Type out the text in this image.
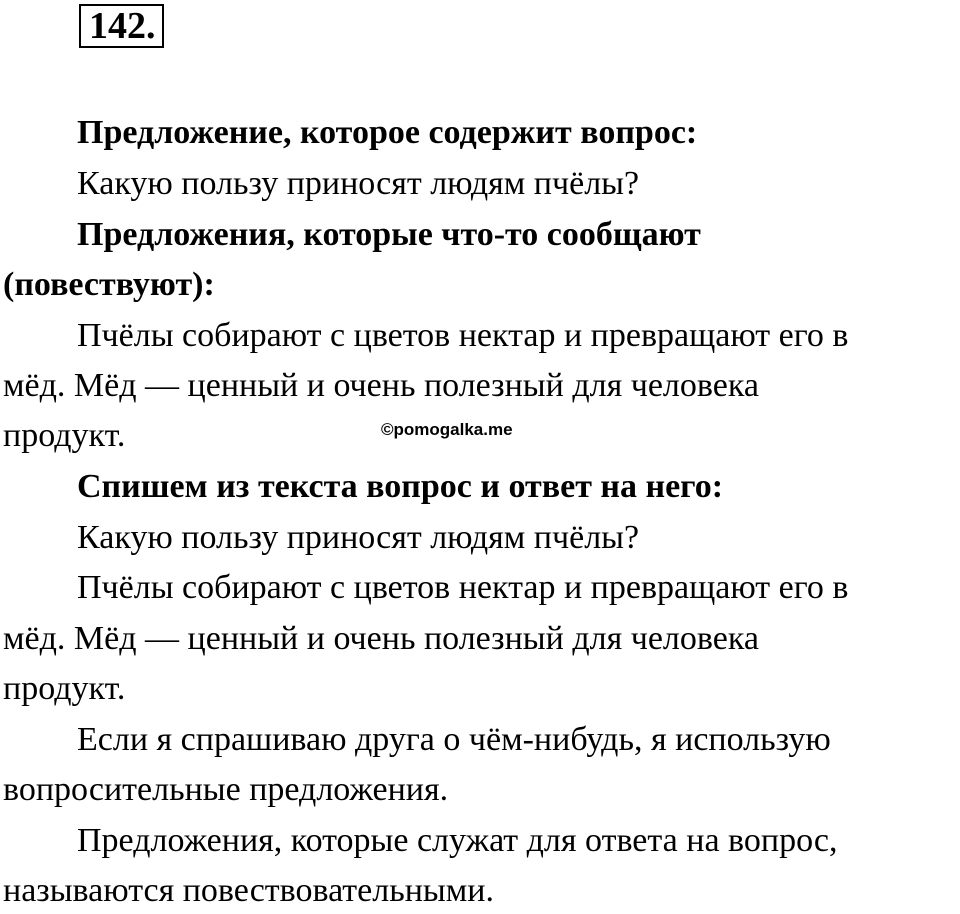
142.
Предложение, которое содержит вопрос:
Какую пользу приносят людям пчёлы?
Предложения, которые что-то сообщают
(повествуют):
Пчёлы собирают с цветов нектар и превращают его в
мёд. Мёд — ценный и очень полезный для человека
продукт.	©pomogalka.me
Спишем из текста вопрос и ответ на него:
Какую пользу приносят людям пчёлы?
Пчёлы собирают с цветов нектар и превращают его в
мёд. Мёд — ценный и очень полезный для человека
продукт.
Если я спрашиваю друга о чём-нибудь, я использую
вопросительные предложения.
Предложения, которые служат для ответа на вопрос,
называются повествовательными.
